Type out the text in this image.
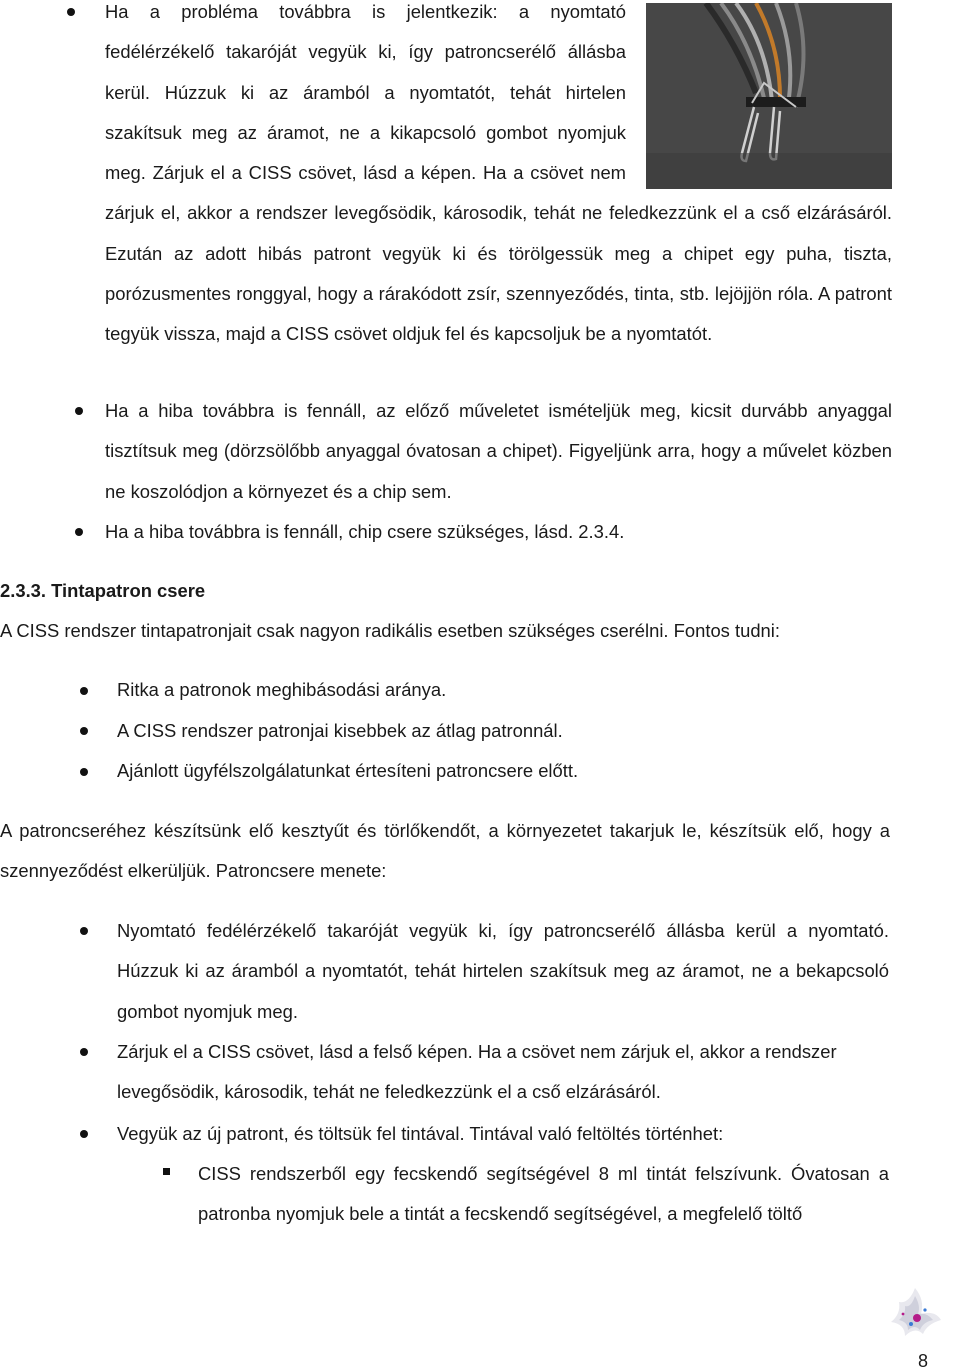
Ha a probléma továbbra is jelentkezik: a nyomtató fedélérzékelő takaróját vegyük ki, így patroncserélő állásba kerül. Húzzuk ki az áramból a nyomtatót, tehát hirtelen szakítsuk meg az áramot, ne a kikapcsoló gombot nyomjuk meg. Zárjuk el a CISS csövet, lásd a képen. Ha a csövet nem zárjuk el, akkor a rendszer levegősödik, károsodik, tehát ne feledkezzünk el a cső elzárásáról. Ezután az adott hibás patront vegyük ki és törölgessük meg a chipet egy puha, tiszta, porózusmentes ronggyal, hogy a rárakódott zsír, szennyeződés, tinta, stb. lejöjjön róla. A patront tegyük vissza, majd a CISS csövet oldjuk fel és kapcsoljuk be a nyomtatót.
Ha a hiba továbbra is fennáll, az előző műveletet ismételjük meg, kicsit durvább anyaggal tisztítsuk meg (dörzsölőbb anyaggal óvatosan a chipet). Figyeljünk arra, hogy a művelet közben ne koszolódjon a környezet és a chip sem.
Ha a hiba továbbra is fennáll, chip csere szükséges, lásd. 2.3.4.
2.3.3. Tintapatron csere
A CISS rendszer tintapatronjait csak nagyon radikális esetben szükséges cserélni. Fontos tudni:
Ritka a patronok meghibásodási aránya.
A CISS rendszer patronjai kisebbek az átlag patronnál.
Ajánlott ügyfélszolgálatunkat értesíteni patroncsere előtt.
A patroncseréhez készítsünk elő kesztyűt és törlőkendőt, a környezetet takarjuk le, készítsük elő, hogy a szennyeződést elkerüljük. Patroncsere menete:
Nyomtató fedélérzékelő takaróját vegyük ki, így patroncserélő állásba kerül a nyomtató. Húzzuk ki az áramból a nyomtatót, tehát hirtelen szakítsuk meg az áramot, ne a bekapcsoló gombot nyomjuk meg.
Zárjuk el a CISS csövet, lásd a felső képen. Ha a csövet nem zárjuk el, akkor a rendszer levegősödik, károsodik, tehát ne feledkezzünk el a cső elzárásáról.
Vegyük az új patront, és töltsük fel tintával. Tintával való feltöltés történhet:
CISS rendszerből egy fecskendő segítségével 8 ml tintát felszívunk. Óvatosan a patronba nyomjuk bele a tintát a fecskendő segítségével, a megfelelő töltő
8
